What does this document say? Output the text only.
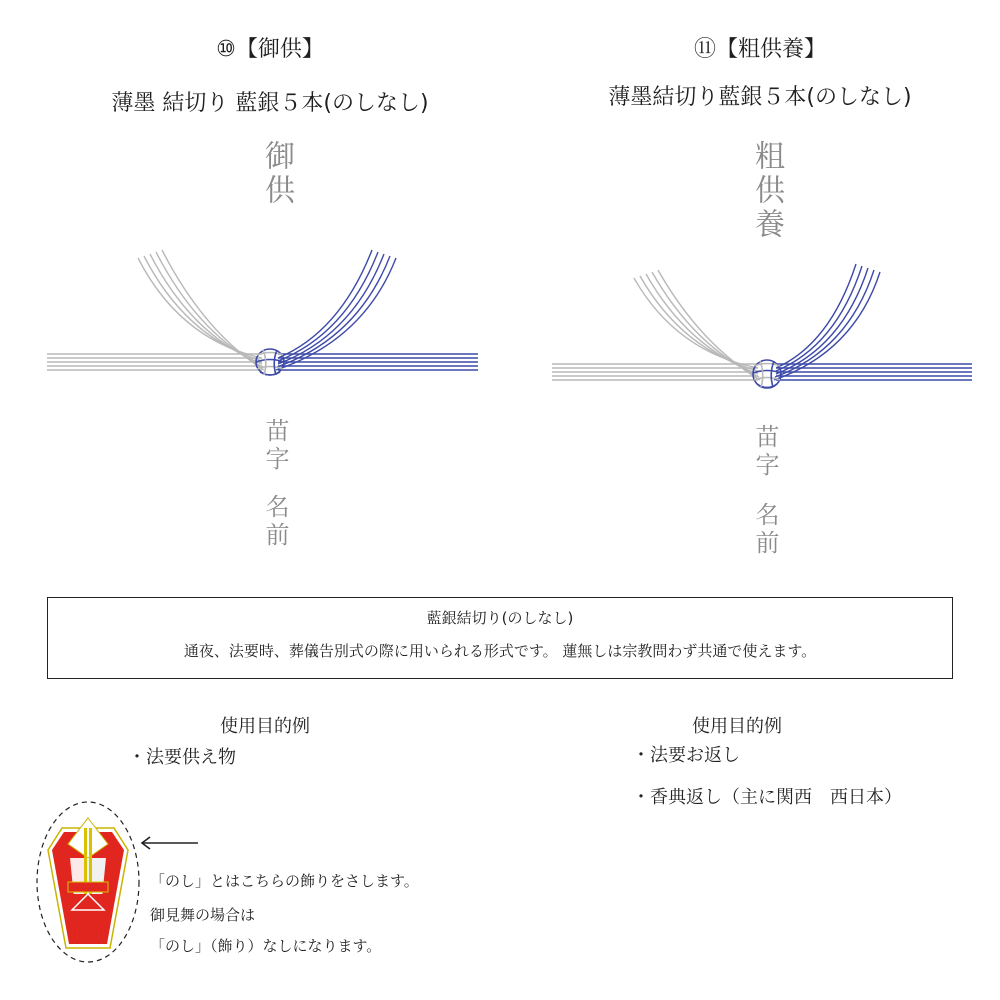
⑩【御供】
薄墨 結切り 藍銀５本(のしなし)
御供
苗字
名前
⑪【粗供養】
薄墨結切り藍銀５本(のしなし)
粗供養
苗字
名前
藍銀結切り(のしなし)
通夜、法要時、葬儀告別式の際に用いられる形式です。 蓮無しは宗教問わず共通で使えます。
使用目的例
・法要供え物
使用目的例
・法要お返し
・香典返し（主に関西　西日本）
「のし」とはこちらの飾りをさします。
御見舞の場合は
「のし」（飾り）なしになります。
